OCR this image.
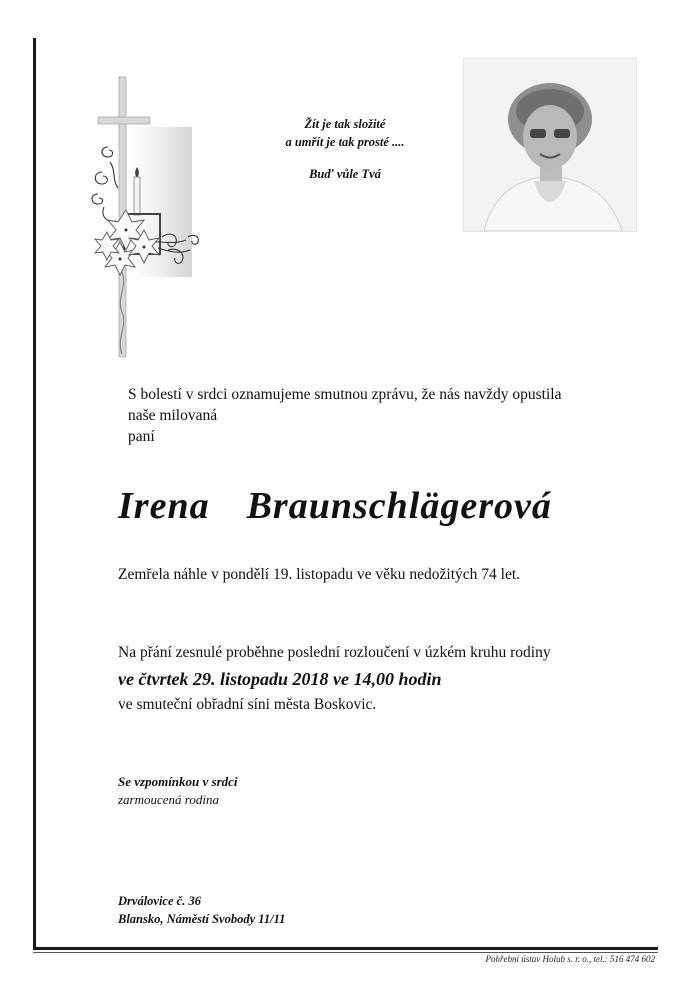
Žít je tak složité
a umřít je tak prosté ....
Buď vůle Tvá
S bolestí v srdci oznamujeme smutnou zprávu, že nás navždy opustila
naše milovaná
paní
Irena  Braunschlägerová
Zemřela náhle v pondělí 19. listopadu ve věku nedožitých 74 let.
Na přání zesnulé proběhne poslední rozloučení v úzkém kruhu rodiny
ve čtvrtek 29. listopadu 2018 ve 14,00 hodin
ve smuteční obřadní síni města Boskovic.
Se vzpomínkou v srdci
zarmoucená rodina
Drválovice č. 36
Blansko, Náměstí Svobody 11/11
Pohřební ústav Holub s. r. o., tel.: 516 474 602
